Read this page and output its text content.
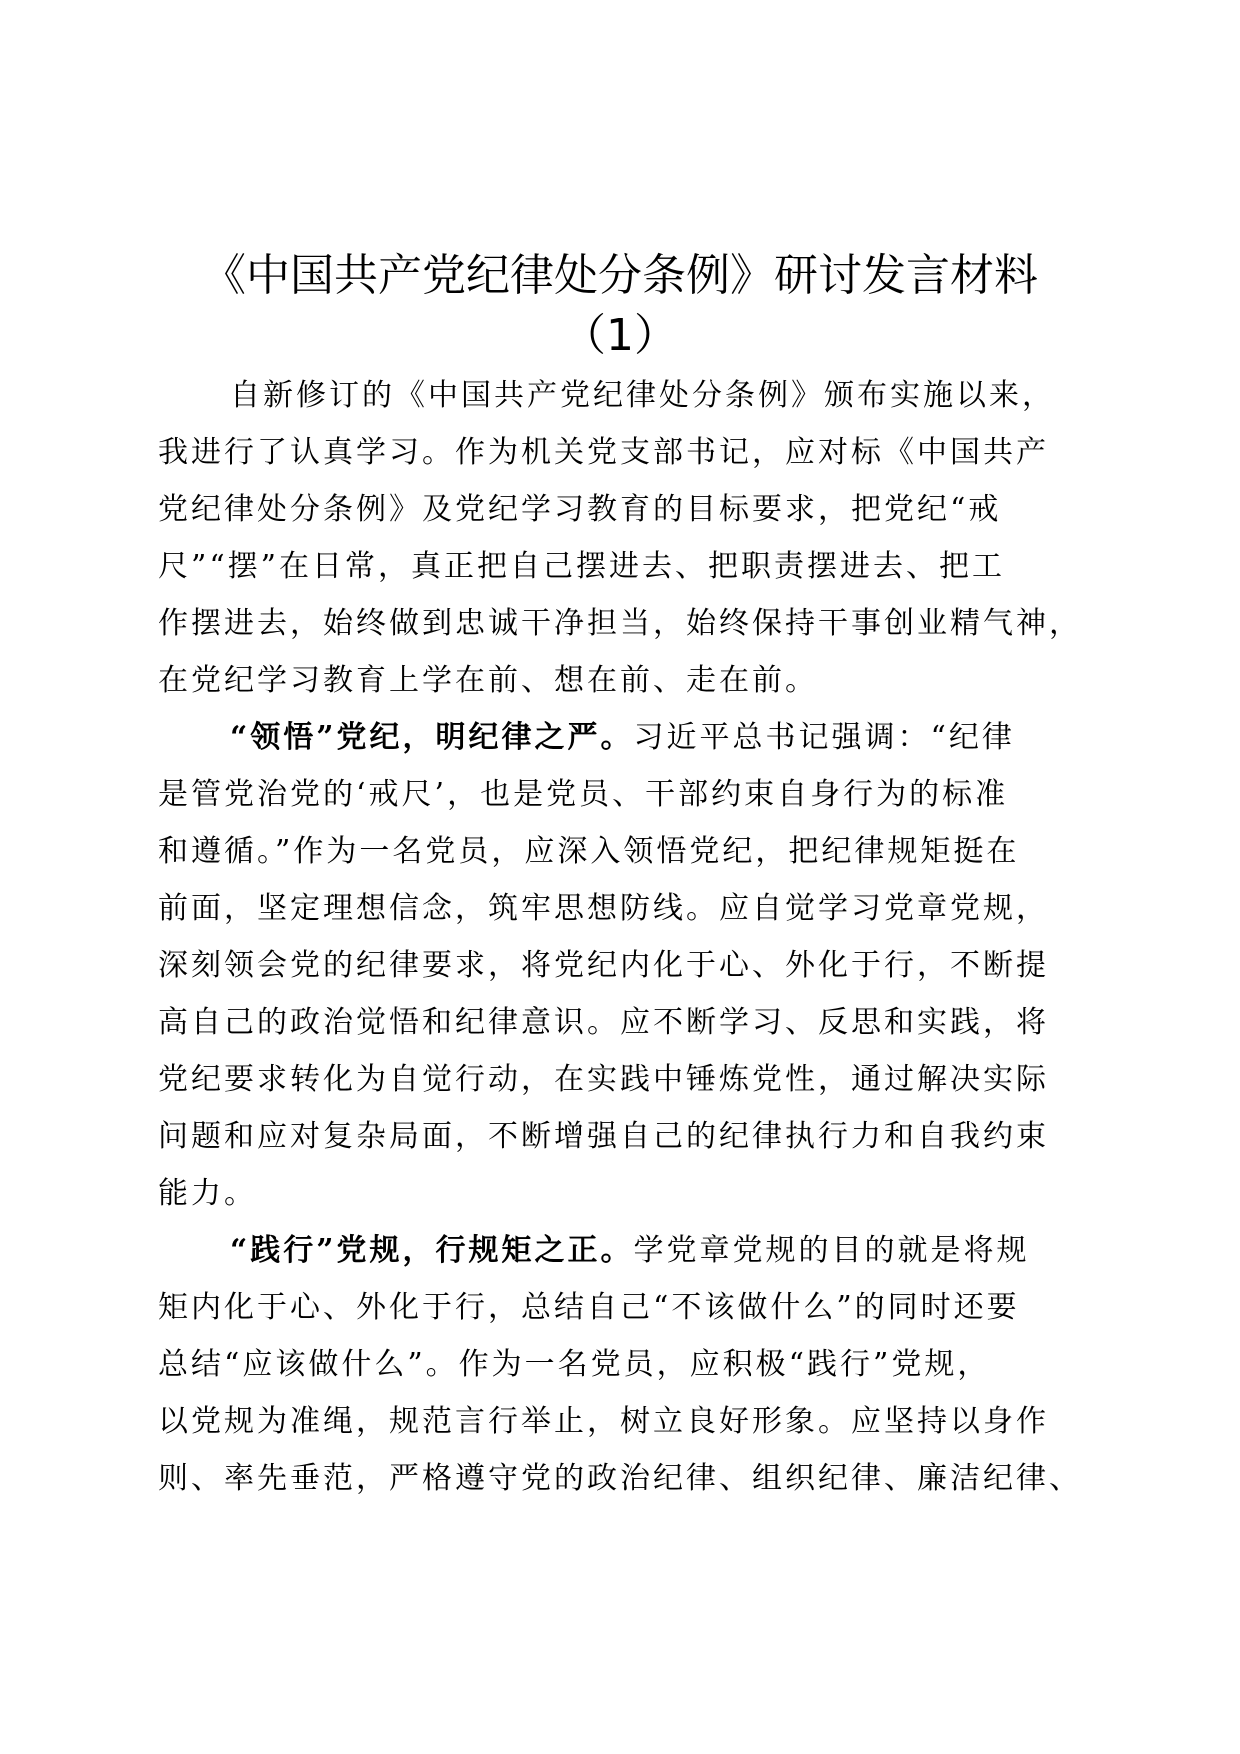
《中国共产党纪律处分条例》研讨发言材料
（1）
自新修订的《中国共产党纪律处分条例》颁布实施以来，
我进行了认真学习。作为机关党支部书记，应对标《中国共产
党纪律处分条例》及党纪学习教育的目标要求，把党纪“戒
尺”“摆”在日常，真正把自己摆进去、把职责摆进去、把工
作摆进去，始终做到忠诚干净担当，始终保持干事创业精气神，
在党纪学习教育上学在前、想在前、走在前。
“领悟”党纪，明纪律之严。习近平总书记强调：“纪律
是管党治党的‘戒尺’，也是党员、干部约束自身行为的标准
和遵循。”作为一名党员，应深入领悟党纪，把纪律规矩挺在
前面，坚定理想信念，筑牢思想防线。应自觉学习党章党规，
深刻领会党的纪律要求，将党纪内化于心、外化于行，不断提
高自己的政治觉悟和纪律意识。应不断学习、反思和实践，将
党纪要求转化为自觉行动，在实践中锤炼党性，通过解决实际
问题和应对复杂局面，不断增强自己的纪律执行力和自我约束
能力。
“践行”党规，行规矩之正。学党章党规的目的就是将规
矩内化于心、外化于行，总结自己“不该做什么”的同时还要
总结“应该做什么”。作为一名党员，应积极“践行”党规，
以党规为准绳，规范言行举止，树立良好形象。应坚持以身作
则、率先垂范，严格遵守党的政治纪律、组织纪律、廉洁纪律、
